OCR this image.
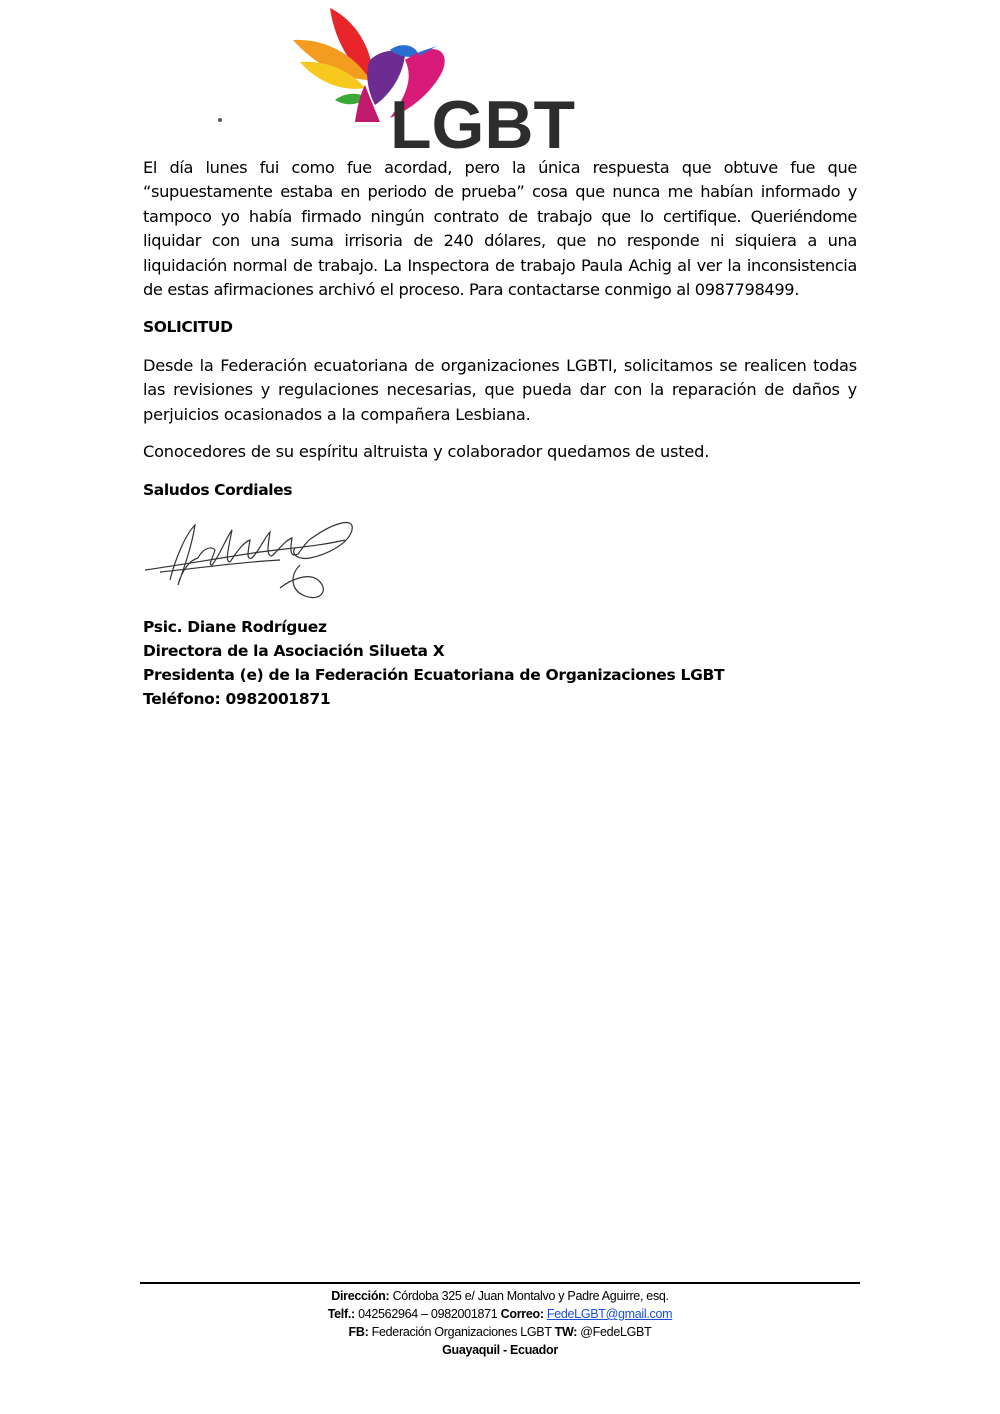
LGBT

El día lunes fui como fue acordad, pero la única respuesta que obtuve fue que “supuestamente estaba en periodo de prueba” cosa que nunca me habían informado y tampoco yo había firmado ningún contrato de trabajo que lo certifique. Queriéndome liquidar con una suma irrisoria de 240 dólares, que no responde ni siquiera a una liquidación normal de trabajo. La Inspectora de trabajo Paula Achig al ver la inconsistencia de estas afirmaciones archivó el proceso. Para contactarse conmigo al 0987798499.

SOLICITUD

Desde la Federación ecuatoriana de organizaciones LGBTI, solicitamos se realicen todas las revisiones y regulaciones necesarias, que pueda dar con la reparación de daños y perjuicios ocasionados a la compañera Lesbiana.

Conocedores de su espíritu altruista y colaborador quedamos de usted.

Saludos Cordiales

Psic. Diane Rodríguez
Directora de la Asociación Silueta X
Presidenta (e) de la Federación Ecuatoriana de Organizaciones LGBT
Teléfono: 0982001871
Dirección: Córdoba 325 e/ Juan Montalvo y Padre Aguirre, esq.
Telf.: 042562964 – 0982001871 Correo: FedeLGBT@gmail.com
FB: Federación Organizaciones LGBT TW: @FedeLGBT
Guayaquil - Ecuador
